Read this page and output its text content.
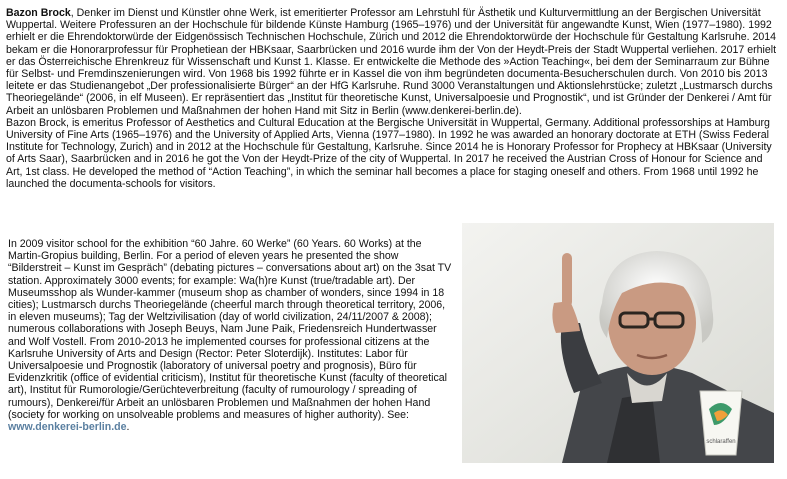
Bazon Brock, Denker im Dienst und Künstler ohne Werk, ist emeritierter Professor am Lehrstuhl für Ästhetik und Kulturvermittlung an der Bergischen Universität Wuppertal. Weitere Professuren an der Hochschule für bildende Künste Hamburg (1965–1976) und der Universität für angewandte Kunst, Wien (1977–1980). 1992 erhielt er die Ehrendoktorwürde der Eidgenössisch Technischen Hochschule, Zürich und 2012 die Ehrendoktorwürde der Hochschule für Gestaltung Karlsruhe. 2014 bekam er die Honorarprofessur für Prophetiean der HBKsaar, Saarbrücken und 2016 wurde ihm der Von der Heydt-Preis der Stadt Wuppertal verliehen. 2017 erhielt er das Österreichische Ehrenkreuz für Wissenschaft und Kunst 1. Klasse. Er entwickelte die Methode des »Action Teaching«, bei dem der Seminarraum zur Bühne für Selbst- und Fremdinszenierungen wird. Von 1968 bis 1992 führte er in Kassel die von ihm begründeten documenta-Besucherschulen durch. Von 2010 bis 2013 leitete er das Studienangebot „Der professionalisierte Bürger“ an der HfG Karlsruhe. Rund 3000 Veranstaltungen und Aktionslehrstücke; zuletzt „Lustmarsch durchs Theoriegelände“ (2006, in elf Museen). Er repräsentiert das „Institut für theoretische Kunst, Universalpoesie und Prognostik“, und ist Gründer der Denkerei / Amt für Arbeit an unlösbaren Problemen und Maßnahmen der hohen Hand mit Sitz in Berlin (www.denkerei-berlin.de).

Bazon Brock, is emeritus Professor of Aesthetics and Cultural Education at the Bergische Universität in Wuppertal, Germany. Additional professorships at Hamburg University of Fine Arts (1965–1976) and the University of Applied Arts, Vienna (1977–1980). In 1992 he was awarded an honorary doctorate at ETH (Swiss Federal Institute for Technology, Zurich) and in 2012 at the Hochschule für Gestaltung, Karlsruhe. Since 2014 he is Honorary Professor for Prophecy at HBKsaar (University of Arts Saar), Saarbrücken and in 2016 he got the Von der Heydt-Prize of the city of Wuppertal. In 2017 he received the Austrian Cross of Honour for Science and Art, 1st class. He developed the method of “Action Teaching”, in which the seminar hall becomes a place for staging oneself and others. From 1968 until 1992 he launched the documenta-schools for visitors.

In 2009 visitor school for the exhibition “60 Jahre. 60 Werke” (60 Years. 60 Works) at the Martin-Gropius building, Berlin. For a period of eleven years he presented the show “Bilderstreit – Kunst im Gespräch” (debating pictures – conversations about art) on the 3sat TV station. Approximately 3000 events; for example: Wa(h)re Kunst (true/tradable art). Der Museumsshop als Wunder-kammer (museum shop as chamber of wonders, since 1994 in 18 cities); Lustmarsch durchs Theoriegelände (cheerful march through theoretical territory, 2006, in eleven museums); Tag der Weltzivilisation (day of world civilization, 24/11/2007 & 2008); numerous collaborations with Joseph Beuys, Nam June Paik, Friedensreich Hundertwasser and Wolf Vostell. From 2010-2013 he implemented courses for professional citizens at the Karlsruhe University of Arts and Design (Rector: Peter Sloterdijk). Institutes: Labor für Universalpoesie und Prognostik (laboratory of universal poetry and prognosis), Büro für Evidenzkritik (office of evidential criticism), Institut für theoretische Kunst (faculty of theoretical art), Institut für Rumorologie/Gerüchteverbreitung (faculty of rumourology / spreading of rumours), Denkerei/für Arbeit an unlösbaren Problemen und Maßnahmen der hohen Hand (society for working on unsolveable problems and measures of higher authority). See: www.denkerei-berlin.de.

schlaraffen
